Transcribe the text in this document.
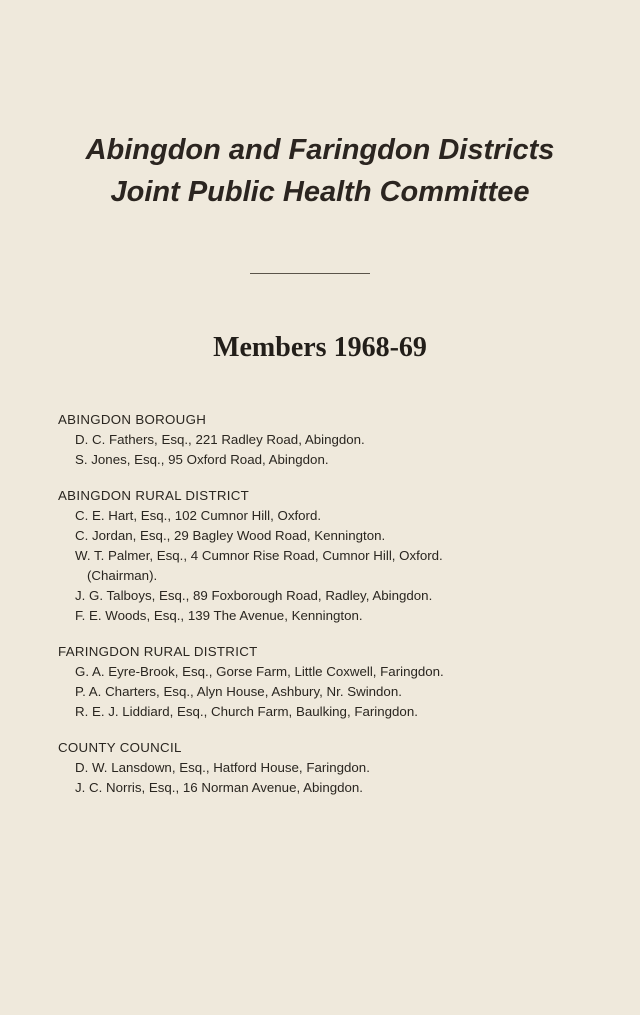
Abingdon and Faringdon Districts
Joint Public Health Committee
Members 1968-69
ABINGDON BOROUGH
D. C. Fathers, Esq., 221 Radley Road, Abingdon.
S. Jones, Esq., 95 Oxford Road, Abingdon.
ABINGDON RURAL DISTRICT
C. E. Hart, Esq., 102 Cumnor Hill, Oxford.
C. Jordan, Esq., 29 Bagley Wood Road, Kennington.
W. T. Palmer, Esq., 4 Cumnor Rise Road, Cumnor Hill, Oxford.
(Chairman).
J. G. Talboys, Esq., 89 Foxborough Road, Radley, Abingdon.
F. E. Woods, Esq., 139 The Avenue, Kennington.
FARINGDON RURAL DISTRICT
G. A. Eyre-Brook, Esq., Gorse Farm, Little Coxwell, Faringdon.
P. A. Charters, Esq., Alyn House, Ashbury, Nr. Swindon.
R. E. J. Liddiard, Esq., Church Farm, Baulking, Faringdon.
COUNTY COUNCIL
D. W. Lansdown, Esq., Hatford House, Faringdon.
J. C. Norris, Esq., 16 Norman Avenue, Abingdon.
